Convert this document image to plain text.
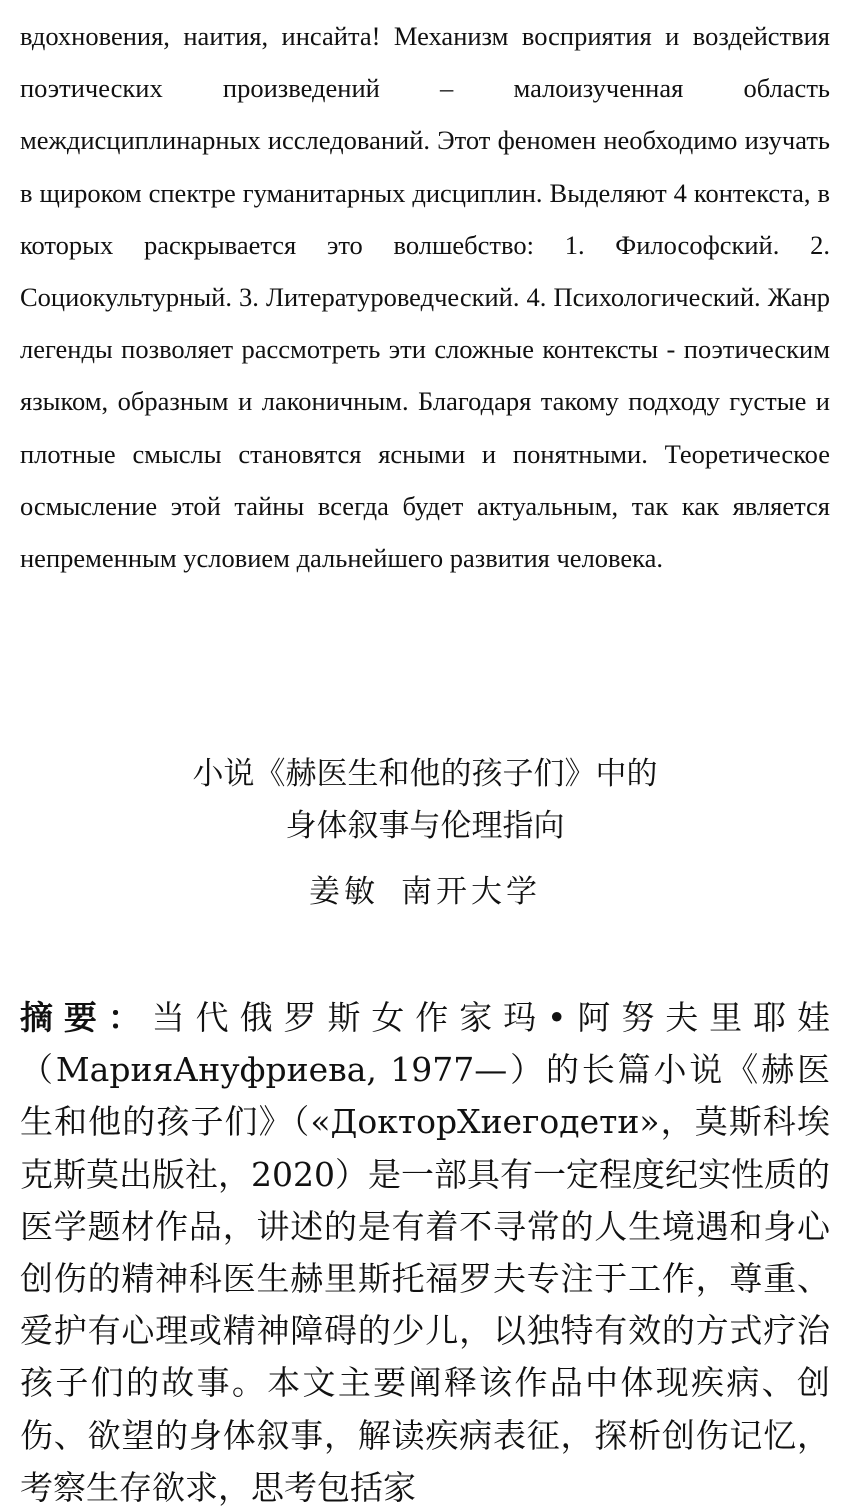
вдохновения, наития, инсайта! Механизм восприятия и воздействия поэтических произведений – малоизученная область междисциплинарных исследований. Этот феномен необходимо изучать в щироком спектре гуманитарных дисциплин. Выделяют 4 контекста, в которых раскрывается это волшебство: 1. Философский. 2. Социокультурный. 3. Литературоведческий. 4. Психологический. Жанр легенды позволяет рассмотреть эти сложные контексты - поэтическим языком, образным и лаконичным. Благодаря такому подходу густые и плотные смыслы становятся ясными и понятными. Теоретическое осмысление этой тайны всегда будет актуальным, так как является непременным условием дальнейшего развития человека.

小说《赫医生和他的孩子们》中的
身体叙事与伦理指向

姜敏 南开大学

摘要：当代俄罗斯女作家玛•阿努夫里耶娃（МарияАнуфриева, 1977—）的长篇小说《赫医生和他的孩子们》（«ДокторХиегодети»，莫斯科埃克斯莫出版社，2020）是一部具有一定程度纪实性质的医学题材作品，讲述的是有着不寻常的人生境遇和身心创伤的精神科医生赫里斯托福罗夫专注于工作，尊重、爱护有心理或精神障碍的少儿，以独特有效的方式疗治孩子们的故事。本文主要阐释该作品中体现疾病、创伤、欲望的身体叙事，解读疾病表征，探析创伤记忆，考察生存欲求，思考包括家
